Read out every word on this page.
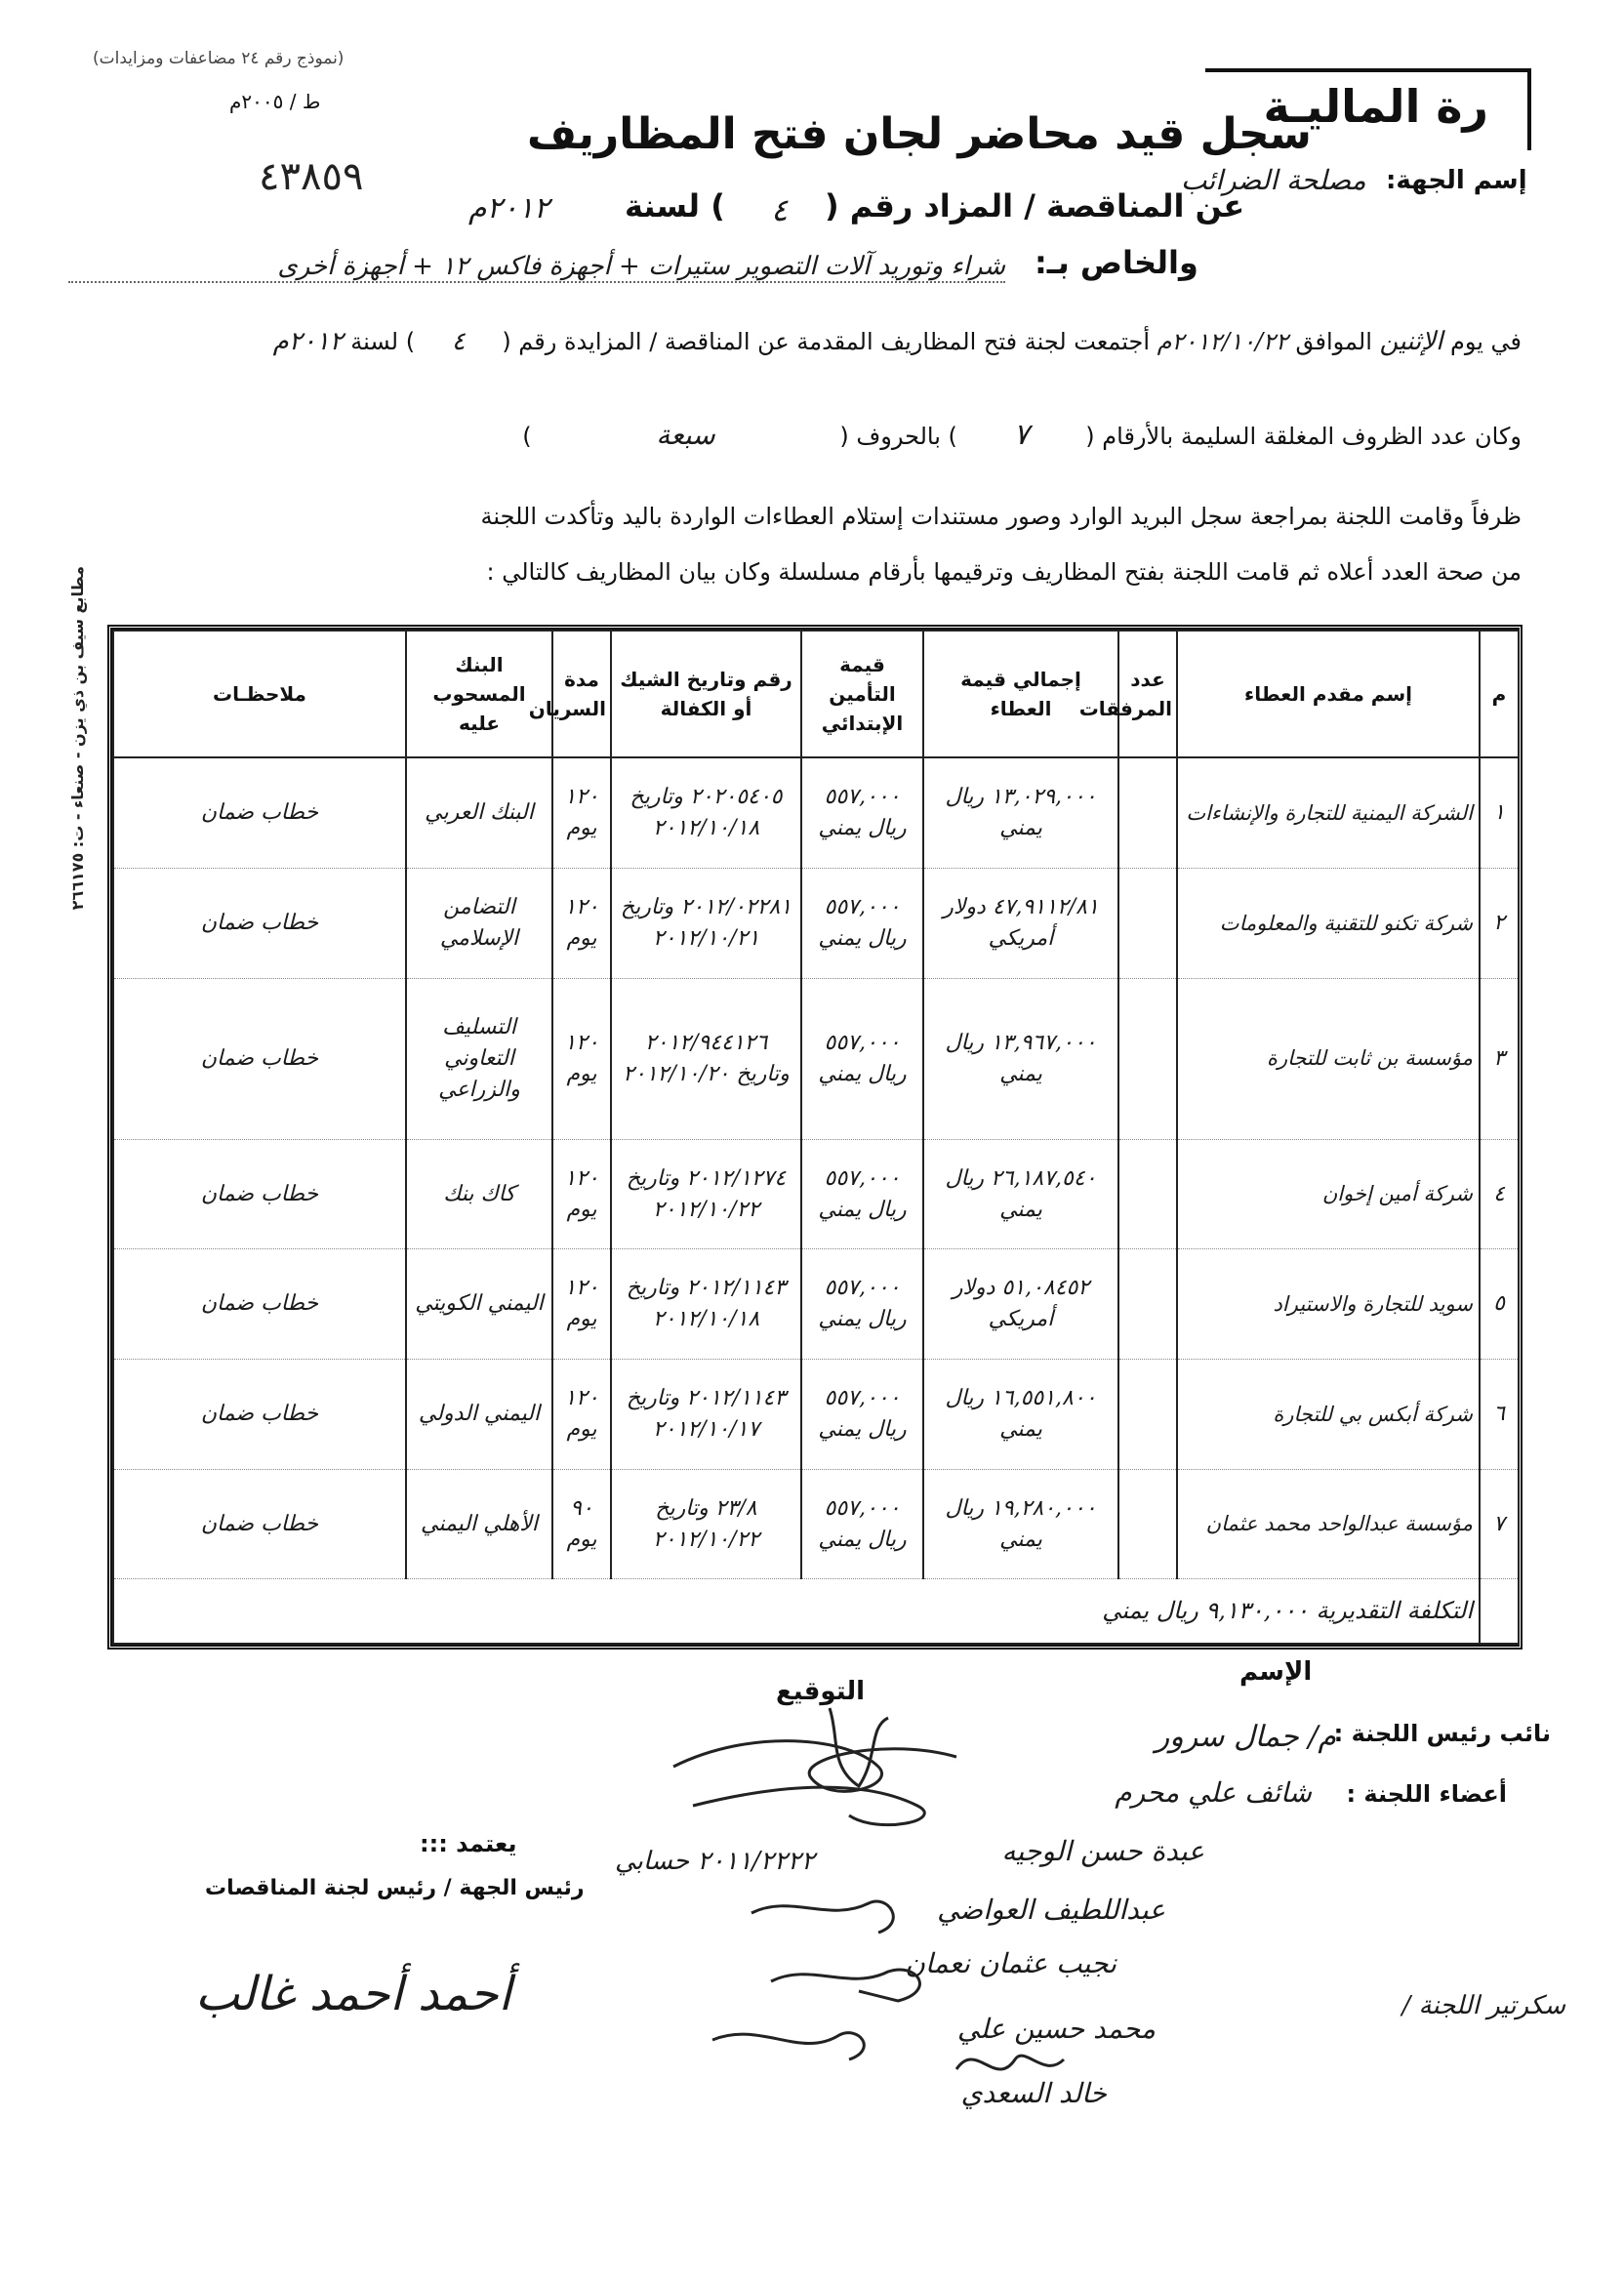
(نموذج رقم ٢٤ مضاعفات ومزايدات)
ط / ٢٠٠٥م	رة الماليـة
سجل قيد محاضر لجان فتح المظاريف
٤٣٨٥٩	إسم الجهة:
مصلحة الضرائب
عن المناقصة / المزاد رقم (
٤
) لسنة
٢٠١٢م
والخاص بـ:
شراء وتوريد آلات التصوير ستيرات + أجهزة فاكس ١٢ + أجهزة أخرى
في يوم الإثنين الموافق ٢٠١٢/١٠/٢٢م أجتمعت لجنة فتح المظاريف المقدمة عن المناقصة / المزايدة رقم ( ٤ ) لسنة ٢٠١٢م
وكان عدد الظروف المغلقة السليمة بالأرقام ( ٧ ) بالحروف ( سبعة )
ظرفاً وقامت اللجنة بمراجعة سجل البريد الوارد وصور مستندات إستلام العطاءات الواردة باليد وتأكدت اللجنة
من صحة العدد أعلاه ثم قامت اللجنة بفتح المظاريف وترقيمها بأرقام مسلسلة وكان بيان المظاريف كالتالي :
م	إسم مقدم العطاء	عدد المرفقات	إجمالي قيمة العطاء	قيمة التأمين الإبتدائي	رقم وتاريخ الشيك أو الكفالة	مدة السريان	البنك المسحوب عليه	ملاحظـات
١	الشركة اليمنية للتجارة والإنشاءات		١٣,٠٢٩,٠٠٠ ريال يمني	٥٥٧,٠٠٠ ريال يمني	٢٠٢٠٥٤٠٥ وتاريخ ٢٠١٢/١٠/١٨	١٢٠ يوم	البنك العربي	خطاب ضمان
٢	شركة تكنو للتقنية والمعلومات		٤٧,٩١١٢/٨١ دولار أمريكي	٥٥٧,٠٠٠ ريال يمني	٢٠١٢/٠٢٢٨١ وتاريخ ٢٠١٢/١٠/٢١	١٢٠ يوم	التضامن الإسلامي	خطاب ضمان
٣	مؤسسة بن ثابت للتجارة		١٣,٩٦٧,٠٠٠ ريال يمني	٥٥٧,٠٠٠ ريال يمني	٢٠١٢/٩٤٤١٢٦ وتاريخ ٢٠١٢/١٠/٢٠	١٢٠ يوم	التسليف التعاوني والزراعي	خطاب ضمان
٤	شركة أمين إخوان		٢٦,١٨٧,٥٤٠ ريال يمني	٥٥٧,٠٠٠ ريال يمني	٢٠١٢/١٢٧٤ وتاريخ ٢٠١٢/١٠/٢٢	١٢٠ يوم	كاك بنك	خطاب ضمان
٥	سويد للتجارة والاستيراد		٥١,٠٨٤٥٢ دولار أمريكي	٥٥٧,٠٠٠ ريال يمني	٢٠١٢/١١٤٣ وتاريخ ٢٠١٢/١٠/١٨	١٢٠ يوم	اليمني الكويتي	خطاب ضمان
٦	شركة أبكس بي للتجارة		١٦,٥٥١,٨٠٠ ريال يمني	٥٥٧,٠٠٠ ريال يمني	٢٠١٢/١١٤٣ وتاريخ ٢٠١٢/١٠/١٧	١٢٠ يوم	اليمني الدولي	خطاب ضمان
٧	مؤسسة عبدالواحد محمد عثمان		١٩,٢٨٠,٠٠٠ ريال يمني	٥٥٧,٠٠٠ ريال يمني	٢٣/٨ وتاريخ ٢٠١٢/١٠/٢٢	٩٠ يوم	الأهلي اليمني	خطاب ضمان
	التكلفة التقديرية ٩,١٣٠,٠٠٠ ريال يمني							
مطابع سيف بن ذي يزن - صنعاء - ت: ٢٦٦١٧٥
الإسم
التوقيع
نائب رئيس اللجنة :
م/ جمال سرور
أعضاء اللجنة :
شائف علي محرم
عبدة حسن الوجيه
٢٠١١/٢٢٢٢ حسابي
عبداللطيف العواضي
نجيب عثمان نعمان
محمد حسين علي
خالد السعدي
سكرتير اللجنة /
يعتمد :::
رئيس الجهة / رئيس لجنة المناقصات
أحمد أحمد غالب
